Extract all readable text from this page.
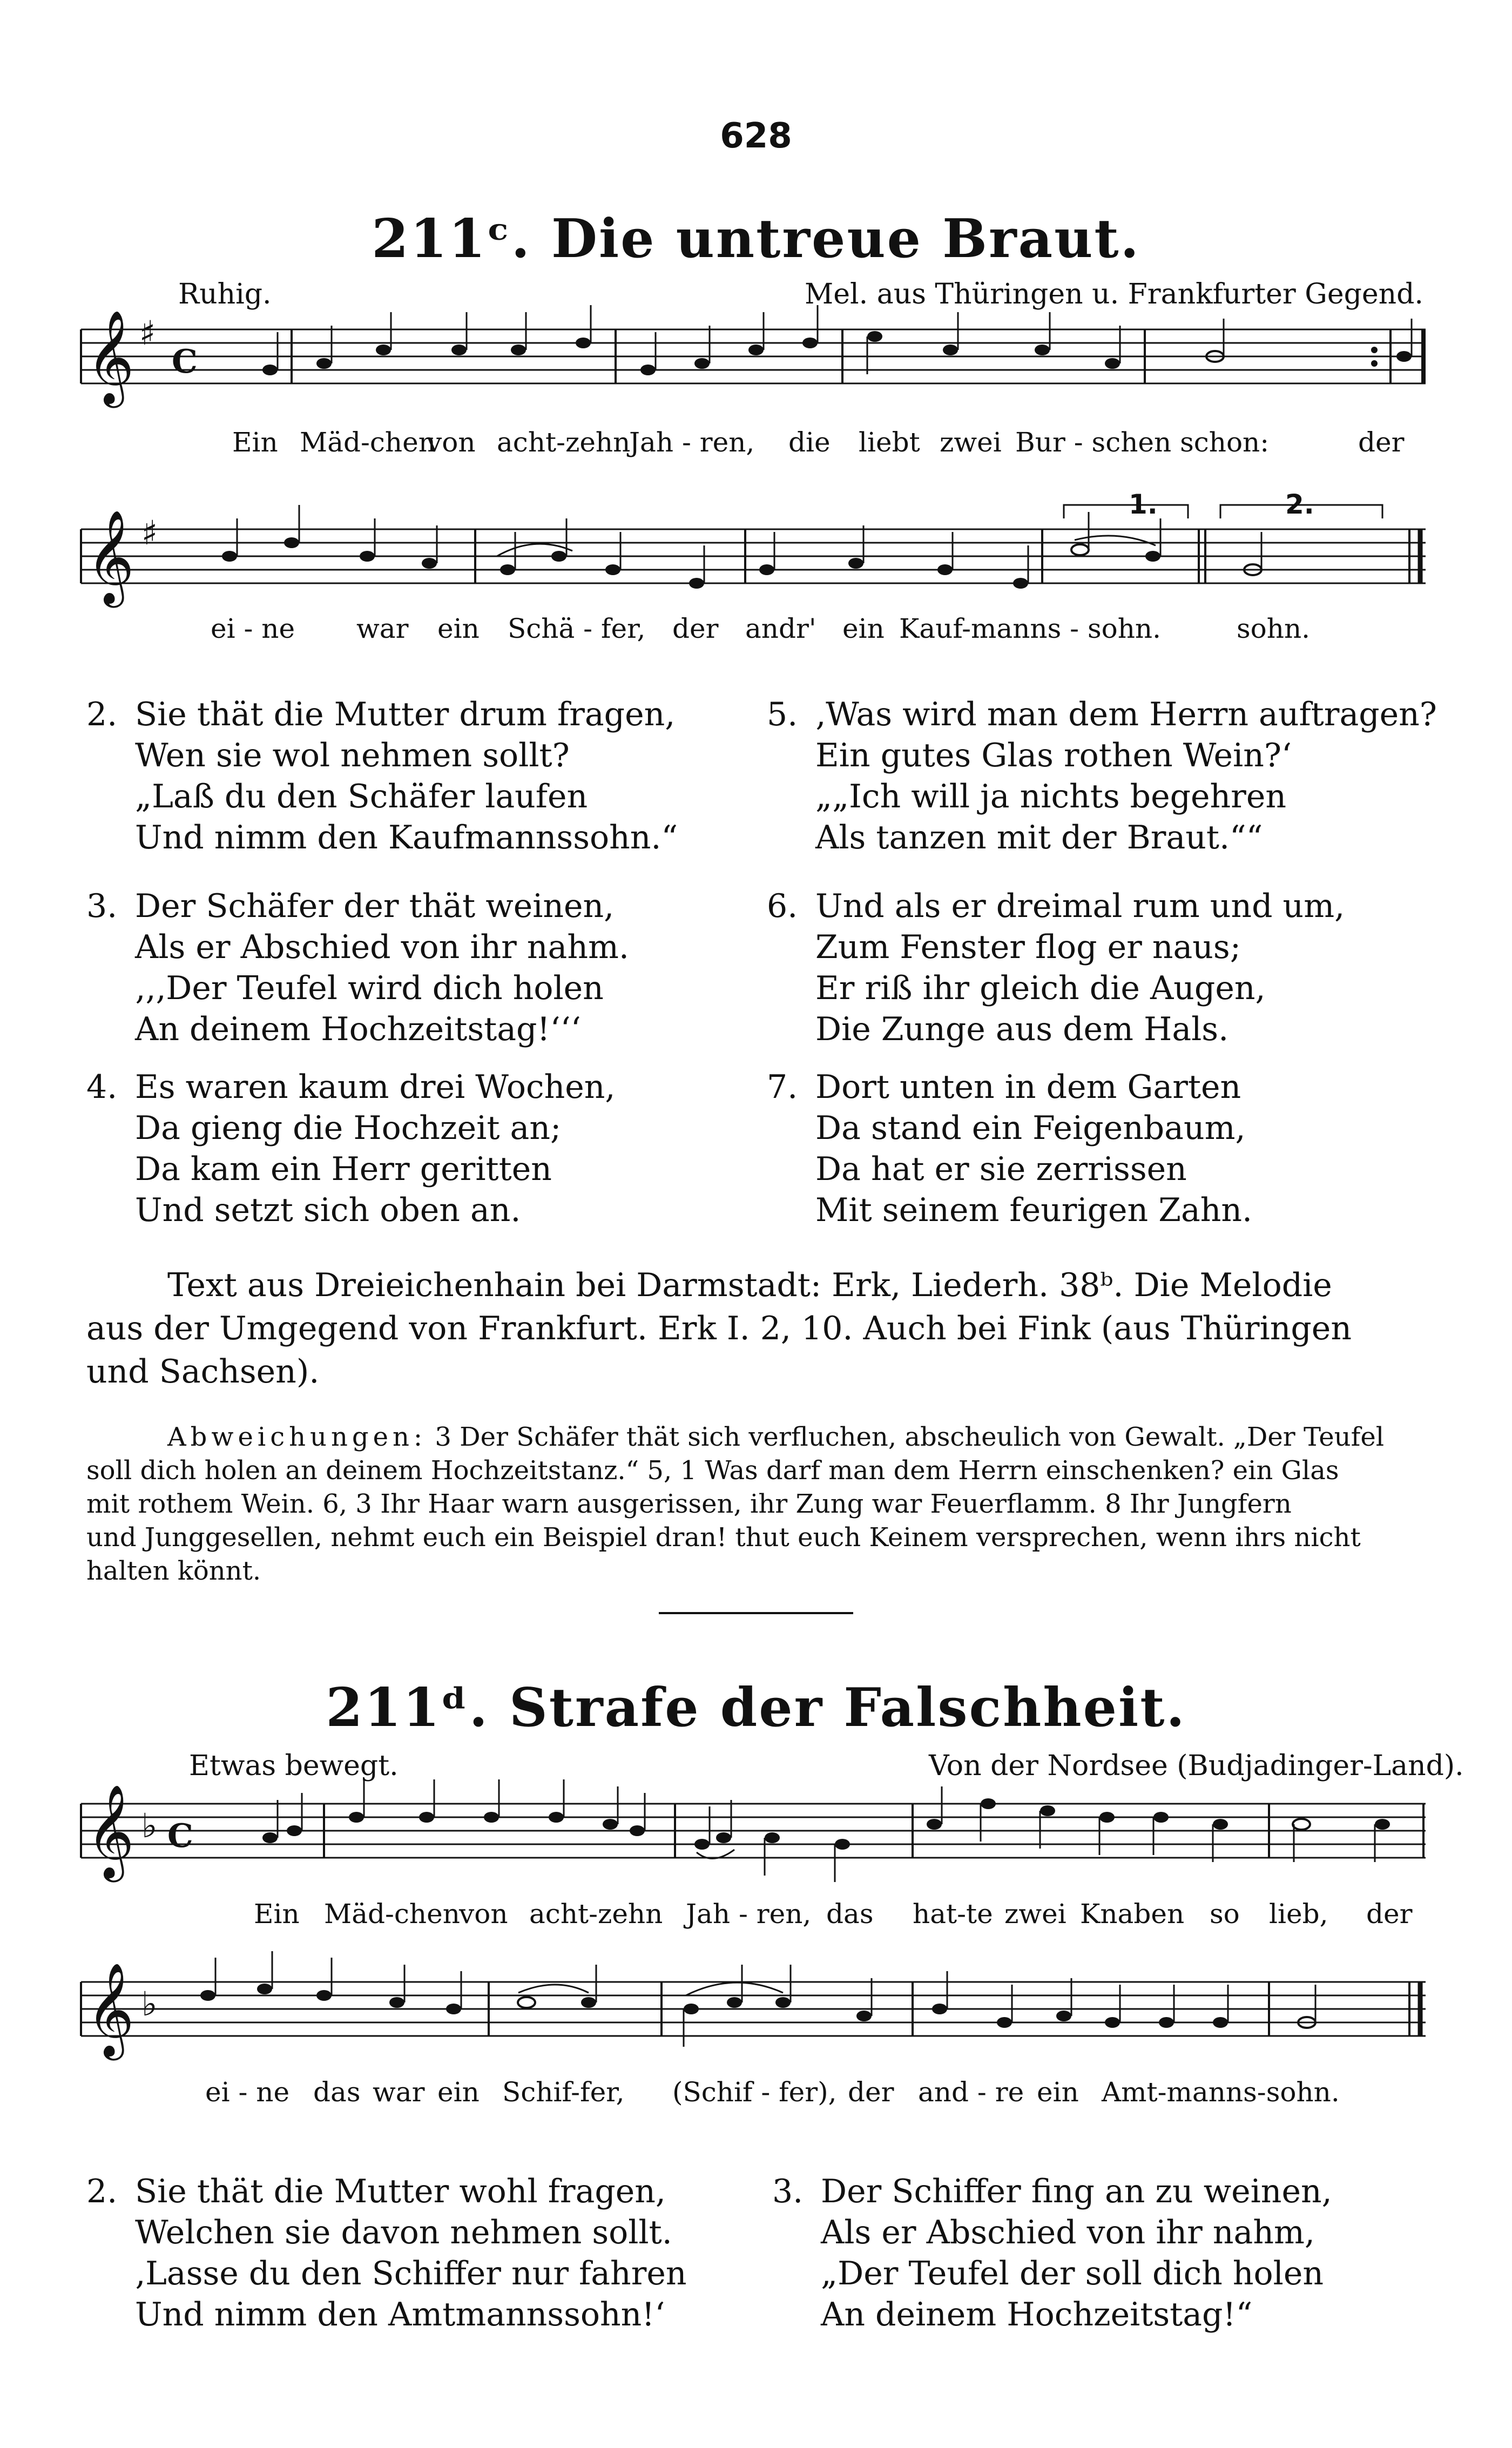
628
211ᶜ. Die untreue Braut.
Ruhig.	Mel. aus Thüringen u. Frankfurter Gegend.
𝄞 ♯
C
Ein Mäd-chen
von acht-zehn
Jah - ren, die liebt zwei Bur - schen schon:	der
1.	2.
𝄞 ♯
ei - ne war ein Schä - fer, der andr' ein Kauf-manns - sohn.	sohn.
2. Sie thät die Mutter drum fragen,
Wen sie wol nehmen sollt?
„Laß du den Schäfer laufen
Und nimm den Kaufmannssohn.“
3. Der Schäfer der thät weinen,
Als er Abschied von ihr nahm.
‚‚‚Der Teufel wird dich holen
An deinem Hochzeitstag!‘‘‘
4. Es waren kaum drei Wochen,
Da gieng die Hochzeit an;
Da kam ein Herr geritten
Und setzt sich oben an.
5. ‚Was wird man dem Herrn auftragen?
Ein gutes Glas rothen Wein?‘
„„Ich will ja nichts begehren
Als tanzen mit der Braut.““
6. Und als er dreimal rum und um,
Zum Fenster flog er naus;
Er riß ihr gleich die Augen,
Die Zunge aus dem Hals.
7. Dort unten in dem Garten
Da stand ein Feigenbaum,
Da hat er sie zerrissen
Mit seinem feurigen Zahn.
Text aus Dreieichenhain bei Darmstadt: Erk, Liederh. 38ᵇ. Die Melodie
aus der Umgegend von Frankfurt. Erk I. 2, 10. Auch bei Fink (aus Thüringen
und Sachsen).
Abweichungen: 3 Der Schäfer thät sich verfluchen, abscheulich von Gewalt. „Der Teufel
soll dich holen an deinem Hochzeitstanz.“ 5, 1 Was darf man dem Herrn einschenken? ein Glas
mit rothem Wein. 6, 3 Ihr Haar warn ausgerissen, ihr Zung war Feuerflamm. 8 Ihr Jungfern
und Junggesellen, nehmt euch ein Beispiel dran! thut euch Keinem versprechen, wenn ihrs nicht
halten könnt.
211ᵈ. Strafe der Falschheit.
Etwas bewegt.	Von der Nordsee (Budjadinger-Land).
𝄞 ♭ C
Ein Mäd-chen
von acht-zehn Jah - ren, das hat-te zwei Knaben so lieb, der
𝄞 ♭
ei - ne das war ein Schif-fer, (Schif - fer), der and - re ein Amt-manns-sohn.
2. Sie thät die Mutter wohl fragen,
Welchen sie davon nehmen sollt.
‚Lasse du den Schiffer nur fahren
Und nimm den Amtmannssohn!‘
3. Der Schiffer fing an zu weinen,
Als er Abschied von ihr nahm,
„Der Teufel der soll dich holen
An deinem Hochzeitstag!“
